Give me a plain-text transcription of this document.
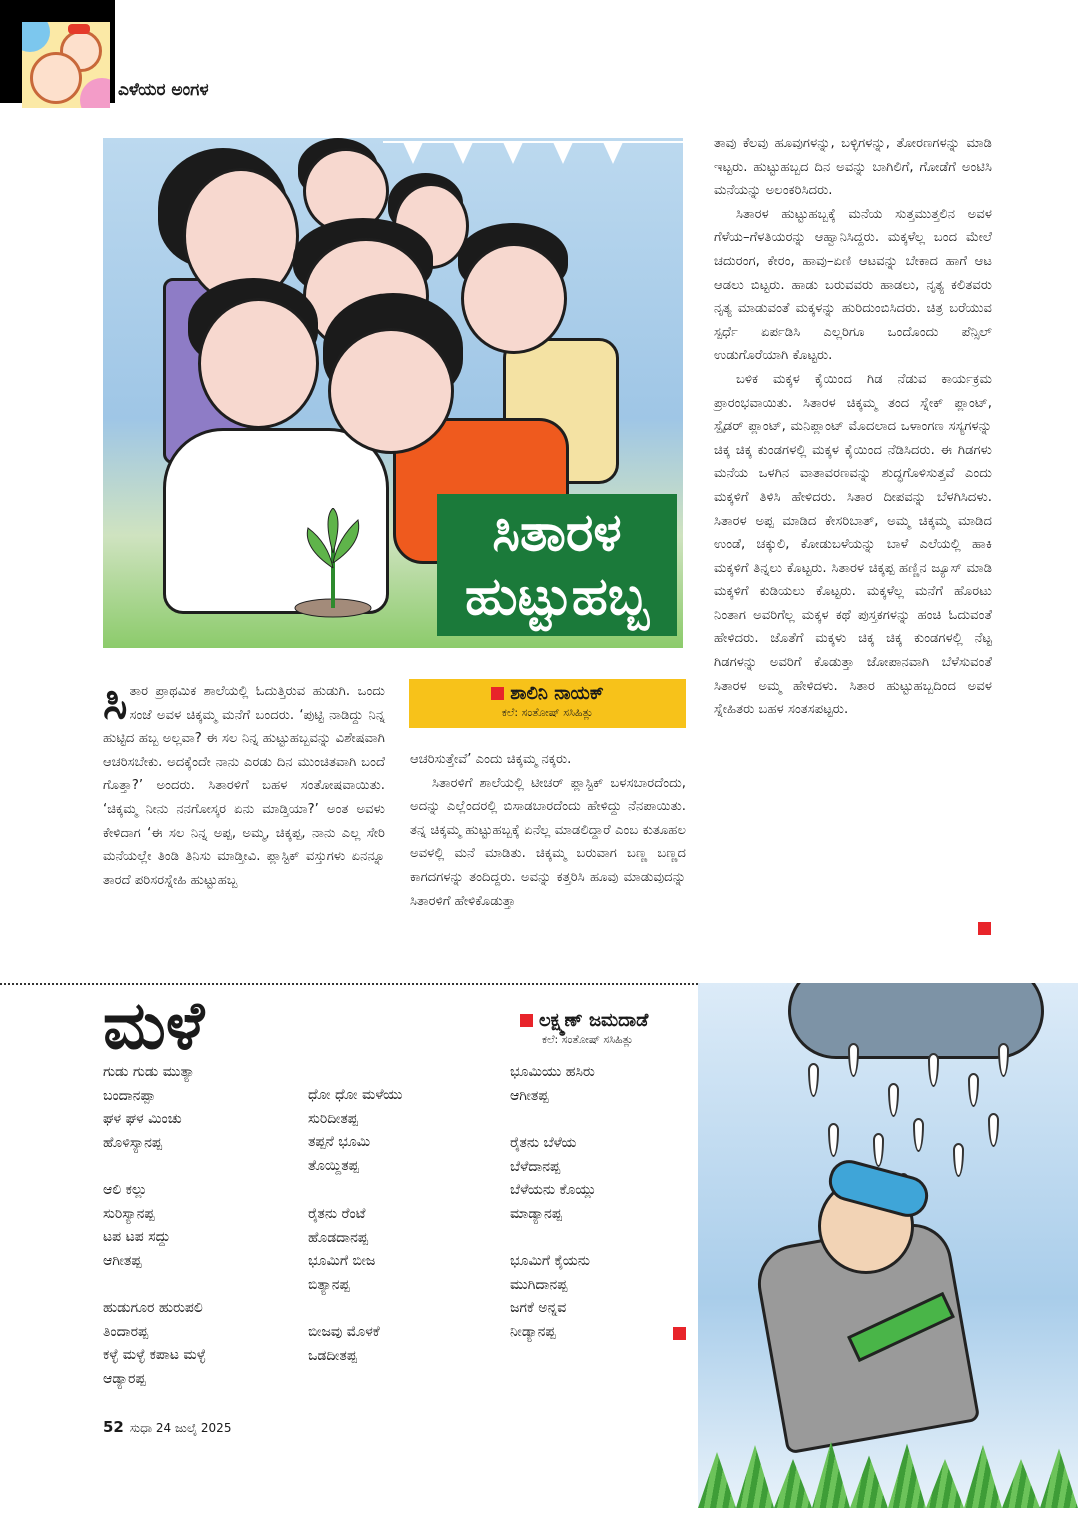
ಎಳೆಯರ ಅಂಗಳ
ಸಿತಾರಳ
ಹುಟ್ಟುಹಬ್ಬ
ಸಿ ತಾರ ಪ್ರಾಥಮಿಕ ಶಾಲೆಯಲ್ಲಿ ಓದುತ್ತಿರುವ ಹುಡುಗಿ. ಒಂದು ಸಂಜೆ ಅವಳ ಚಿಕ್ಕಮ್ಮ ಮನೆಗೆ ಬಂದರು. ‘ಪುಟ್ಟಿ ನಾಡಿದ್ದು ನಿನ್ನ ಹುಟ್ಟಿದ ಹಬ್ಬ ಅಲ್ಲವಾ? ಈ ಸಲ ನಿನ್ನ ಹುಟ್ಟುಹಬ್ಬವನ್ನು ವಿಶೇಷವಾಗಿ ಆಚರಿಸಬೇಕು. ಅದಕ್ಕೆಂದೇ ನಾನು ಎರಡು ದಿನ ಮುಂಚಿತವಾಗಿ ಬಂದೆ ಗೊತ್ತಾ?’ ಅಂದರು. ಸಿತಾರಳಿಗೆ ಬಹಳ ಸಂತೋಷವಾಯಿತು. ‘ಚಿಕ್ಕಮ್ಮ ನೀನು ನನಗೋಸ್ಕರ ಏನು ಮಾಡ್ತಿಯಾ?’ ಅಂತ ಅವಳು ಕೇಳಿದಾಗ ‘ಈ ಸಲ ನಿನ್ನ ಅಪ್ಪ, ಅಮ್ಮ, ಚಿಕ್ಕಪ್ಪ, ನಾನು ಎಲ್ಲ ಸೇರಿ ಮನೆಯಲ್ಲೇ ತಿಂಡಿ ತಿನಿಸು ಮಾಡ್ತೀವಿ. ಪ್ಲಾಸ್ಟಿಕ್ ವಸ್ತುಗಳು ಏನನ್ನೂ ತಾರದೆ ಪರಿಸರಸ್ನೇಹಿ ಹುಟ್ಟುಹಬ್ಬ

ಶಾಲಿನಿ ನಾಯಕ್
ಕಲೆ: ಸಂತೋಷ್ ಸಸಿಹಿತ್ಲು

ಆಚರಿಸುತ್ತೇವೆ’ ಎಂದು ಚಿಕ್ಕಮ್ಮ ನಕ್ಕರು.

ಸಿತಾರಳಿಗೆ ಶಾಲೆಯಲ್ಲಿ ಟೀಚರ್ ಪ್ಲಾಸ್ಟಿಕ್ ಬಳಸಬಾರದೆಂದು, ಅದನ್ನು ಎಲ್ಲೆಂದರಲ್ಲಿ ಬಿಸಾಡಬಾರದೆಂದು ಹೇಳಿದ್ದು ನೆನಪಾಯಿತು. ತನ್ನ ಚಿಕ್ಕಮ್ಮ ಹುಟ್ಟುಹಬ್ಬಕ್ಕೆ ಏನೆಲ್ಲ ಮಾಡಲಿದ್ದಾರೆ ಎಂಬ ಕುತೂಹಲ ಅವಳಲ್ಲಿ ಮನೆ ಮಾಡಿತು. ಚಿಕ್ಕಮ್ಮ ಬರುವಾಗ ಬಣ್ಣ ಬಣ್ಣದ ಕಾಗದಗಳನ್ನು ತಂದಿದ್ದರು. ಅವನ್ನು ಕತ್ತರಿಸಿ ಹೂವು ಮಾಡುವುದನ್ನು ಸಿತಾರಳಿಗೆ ಹೇಳಿಕೊಡುತ್ತಾ

ತಾವು ಕೆಲವು ಹೂವುಗಳನ್ನು, ಬಳ್ಳಿಗಳನ್ನು, ತೋರಣಗಳನ್ನು ಮಾಡಿ ಇಟ್ಟರು. ಹುಟ್ಟುಹಬ್ಬದ ದಿನ ಅವನ್ನು ಬಾಗಿಲಿಗೆ, ಗೋಡೆಗೆ ಅಂಟಿಸಿ ಮನೆಯನ್ನು ಅಲಂಕರಿಸಿದರು.

ಸಿತಾರಳ ಹುಟ್ಟುಹಬ್ಬಕ್ಕೆ ಮನೆಯ ಸುತ್ತಮುತ್ತಲಿನ ಅವಳ ಗೆಳೆಯ–ಗೆಳತಿಯರನ್ನು ಆಹ್ವಾನಿಸಿದ್ದರು. ಮಕ್ಕಳೆಲ್ಲ ಬಂದ ಮೇಲೆ ಚದುರಂಗ, ಕೇರಂ, ಹಾವು–ಏಣಿ ಆಟವನ್ನು ಬೇಕಾದ ಹಾಗೆ ಆಟ ಆಡಲು ಬಿಟ್ಟರು. ಹಾಡು ಬರುವವರು ಹಾಡಲು, ನೃತ್ಯ ಕಲಿತವರು ನೃತ್ಯ ಮಾಡುವಂತೆ ಮಕ್ಕಳನ್ನು ಹುರಿದುಂಬಿಸಿದರು. ಚಿತ್ರ ಬರೆಯುವ ಸ್ಪರ್ಧೆ ಏರ್ಪಡಿಸಿ ಎಲ್ಲರಿಗೂ ಒಂದೊಂದು ಪೆನ್ಸಿಲ್ ಉಡುಗೊರೆಯಾಗಿ ಕೊಟ್ಟರು.

ಬಳಿಕ ಮಕ್ಕಳ ಕೈಯಿಂದ ಗಿಡ ನೆಡುವ ಕಾರ್ಯಕ್ರಮ ಪ್ರಾರಂಭವಾಯಿತು. ಸಿತಾರಳ ಚಿಕ್ಕಮ್ಮ ತಂದ ಸ್ನೇಕ್ ಪ್ಲಾಂಟ್, ಸ್ಪೈಡರ್ ಪ್ಲಾಂಟ್, ಮನಿಪ್ಲಾಂಟ್ ಮೊದಲಾದ ಒಳಾಂಗಣ ಸಸ್ಯಗಳನ್ನು ಚಿಕ್ಕ ಚಿಕ್ಕ ಕುಂಡಗಳಲ್ಲಿ ಮಕ್ಕಳ ಕೈಯಿಂದ ನೆಡಿಸಿದರು. ಈ ಗಿಡಗಳು ಮನೆಯ ಒಳಗಿನ ವಾತಾವರಣವನ್ನು ಶುದ್ಧಗೊಳಿಸುತ್ತವೆ ಎಂದು ಮಕ್ಕಳಿಗೆ ತಿಳಿಸಿ ಹೇಳಿದರು. ಸಿತಾರ ದೀಪವನ್ನು ಬೆಳಗಿಸಿದಳು. ಸಿತಾರಳ ಅಪ್ಪ ಮಾಡಿದ ಕೇಸರಿಬಾತ್, ಅಮ್ಮ ಚಿಕ್ಕಮ್ಮ ಮಾಡಿದ ಉಂಡೆ, ಚಕ್ಕುಲಿ, ಕೋಡುಬಳೆಯನ್ನು ಬಾಳೆ ಎಲೆಯಲ್ಲಿ ಹಾಕಿ ಮಕ್ಕಳಿಗೆ ತಿನ್ನಲು ಕೊಟ್ಟರು. ಸಿತಾರಳ ಚಿಕ್ಕಪ್ಪ ಹಣ್ಣಿನ ಜ್ಯೂಸ್ ಮಾಡಿ ಮಕ್ಕಳಿಗೆ ಕುಡಿಯಲು ಕೊಟ್ಟರು. ಮಕ್ಕಳೆಲ್ಲ ಮನೆಗೆ ಹೊರಟು ನಿಂತಾಗ ಅವರಿಗೆಲ್ಲ ಮಕ್ಕಳ ಕಥೆ ಪುಸ್ತಕಗಳನ್ನು ಹಂಚಿ ಓದುವಂತೆ ಹೇಳಿದರು. ಜೊತೆಗೆ ಮಕ್ಕಳು ಚಿಕ್ಕ ಚಿಕ್ಕ ಕುಂಡಗಳಲ್ಲಿ ನೆಟ್ಟ ಗಿಡಗಳನ್ನು ಅವರಿಗೆ ಕೊಡುತ್ತಾ ಜೋಪಾನವಾಗಿ ಬೆಳೆಸುವಂತೆ ಸಿತಾರಳ ಅಮ್ಮ ಹೇಳಿದಳು. ಸಿತಾರ ಹುಟ್ಟುಹಬ್ಬದಿಂದ ಅವಳ ಸ್ನೇಹಿತರು ಬಹಳ ಸಂತಸಪಟ್ಟರು.

ಮಳೆ	ಲಕ್ಷ್ಮಣ್ ಜಮದಾಡೆ
ಕಲೆ: ಸಂತೋಷ್ ಸಸಿಹಿತ್ಲು
ಗುಡು ಗುಡು ಮುತ್ಯಾ
ಬಂದಾನಪ್ಪಾ
ಘಳ ಘಳ ಮಿಂಚು
ಹೊಳಿಸ್ಯಾನಪ್ಪ
ಆಲಿ ಕಲ್ಲು
ಸುರಿಸ್ಯಾನಪ್ಪ
ಟಪ ಟಪ ಸದ್ದು
ಆಗೀತಪ್ಪ
ಹುಡುಗೂರ ಹುರುಪಲಿ
ತಿಂದಾರಪ್ಪ
ಕಳ್ಳೆ ಮಳ್ಳೆ ಕಪಾಟ ಮಳ್ಳೆ
ಆಡ್ಯಾರಪ್ಪ
ಧೋ ಧೋ ಮಳೆಯು
ಸುರಿದೀತಪ್ಪ
ತಪ್ಪನೆ ಭೂಮಿ
ತೊಯ್ದಿತಪ್ಪ
ರೈತನು ರೆಂಟೆ
ಹೊಡದಾನಪ್ಪ
ಭೂಮಿಗೆ ಬೀಜ
ಬಿತ್ಯಾನಪ್ಪ
ಬೀಜವು ಮೊಳಕೆ
ಒಡದೀತಪ್ಪ
ಭೂಮಿಯು ಹಸಿರು
ಆಗೀತಪ್ಪ
ರೈತನು ಬೆಳೆಯ
ಬೆಳೆದಾನಪ್ಪ
ಬೆಳೆಯನು ಕೊಯ್ಲು
ಮಾಡ್ಯಾನಪ್ಪ
ಭೂಮಿಗೆ ಕೈಯನು
ಮುಗಿದಾನಪ್ಪ
ಜಗಕೆ ಅನ್ನವ
ನೀಡ್ಯಾನಪ್ಪ
52 ಸುಧಾ 24 ಜುಲೈ 2025
